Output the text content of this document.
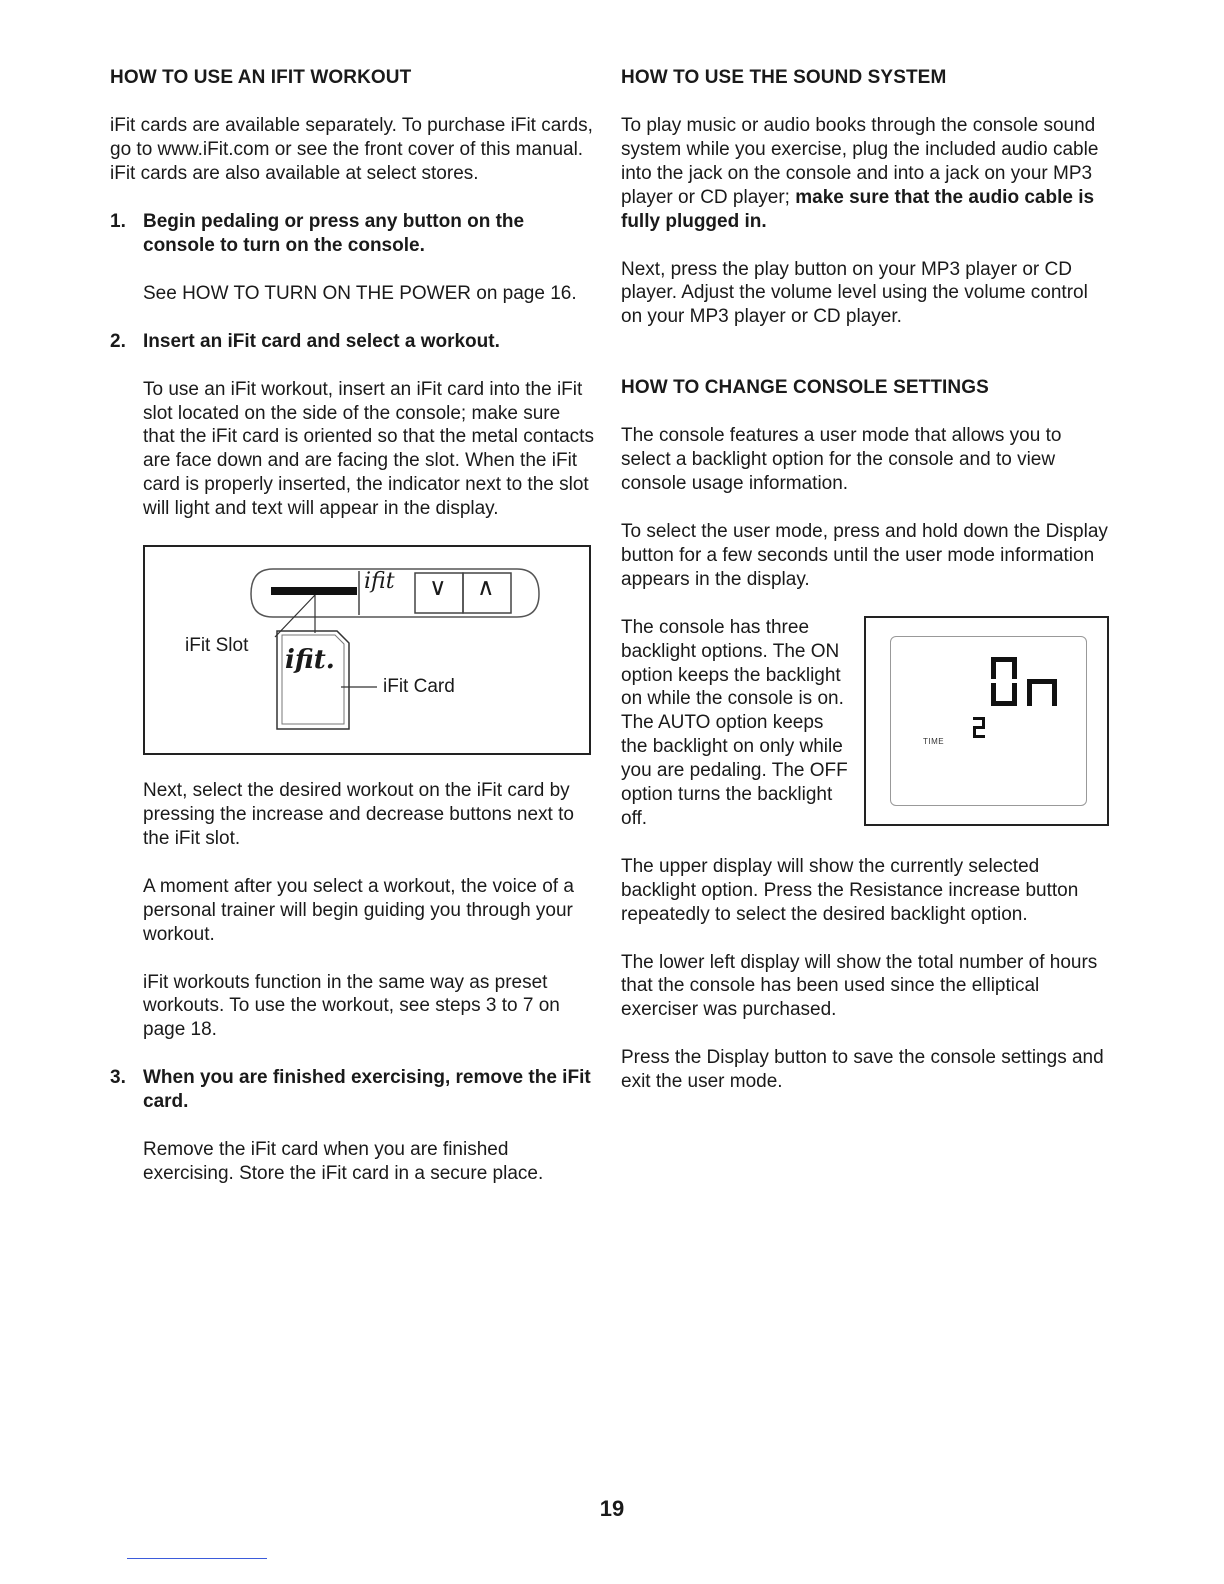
HOW TO USE AN IFIT WORKOUT

iFit cards are available separately. To purchase iFit cards, go to www.iFit.com or see the front cover of this manual. iFit cards are also available at select stores.

1. Begin pedaling or press any button on the console to turn on the console.

See HOW TO TURN ON THE POWER on page 16.

2. Insert an iFit card and select a workout.

To use an iFit workout, insert an iFit card into the iFit slot located on the side of the console; make sure that the iFit card is oriented so that the metal contacts are face down and are facing the slot. When the iFit card is properly inserted, the indicator next to the slot will light and text will appear in the display.

ifit ∨ ∧
ifit.
iFit Slot
iFit Card

Next, select the desired workout on the iFit card by pressing the increase and decrease buttons next to the iFit slot.

A moment after you select a workout, the voice of a personal trainer will begin guiding you through your workout.

iFit workouts function in the same way as preset workouts. To use the workout, see steps 3 to 7 on page 18.

3. When you are finished exercising, remove the iFit card.

Remove the iFit card when you are finished exercising. Store the iFit card in a secure place.

HOW TO USE THE SOUND SYSTEM

To play music or audio books through the console sound system while you exercise, plug the included audio cable into the jack on the console and into a jack on your MP3 player or CD player; make sure that the audio cable is fully plugged in.

Next, press the play button on your MP3 player or CD player. Adjust the volume level using the volume control on your MP3 player or CD player.

HOW TO CHANGE CONSOLE SETTINGS

The console features a user mode that allows you to select a backlight option for the console and to view console usage information.

To select the user mode, press and hold down the Display button for a few seconds until the user mode information appears in the display.

The console has three backlight options. The ON option keeps the backlight on while the console is on. The AUTO option keeps the backlight on only while you are pedaling. The OFF option turns the backlight off.

TIME

The upper display will show the currently selected backlight option. Press the Resistance increase button repeatedly to select the desired backlight option.

The lower left display will show the total number of hours that the console has been used since the elliptical exerciser was purchased.

Press the Display button to save the console settings and exit the user mode.

19
